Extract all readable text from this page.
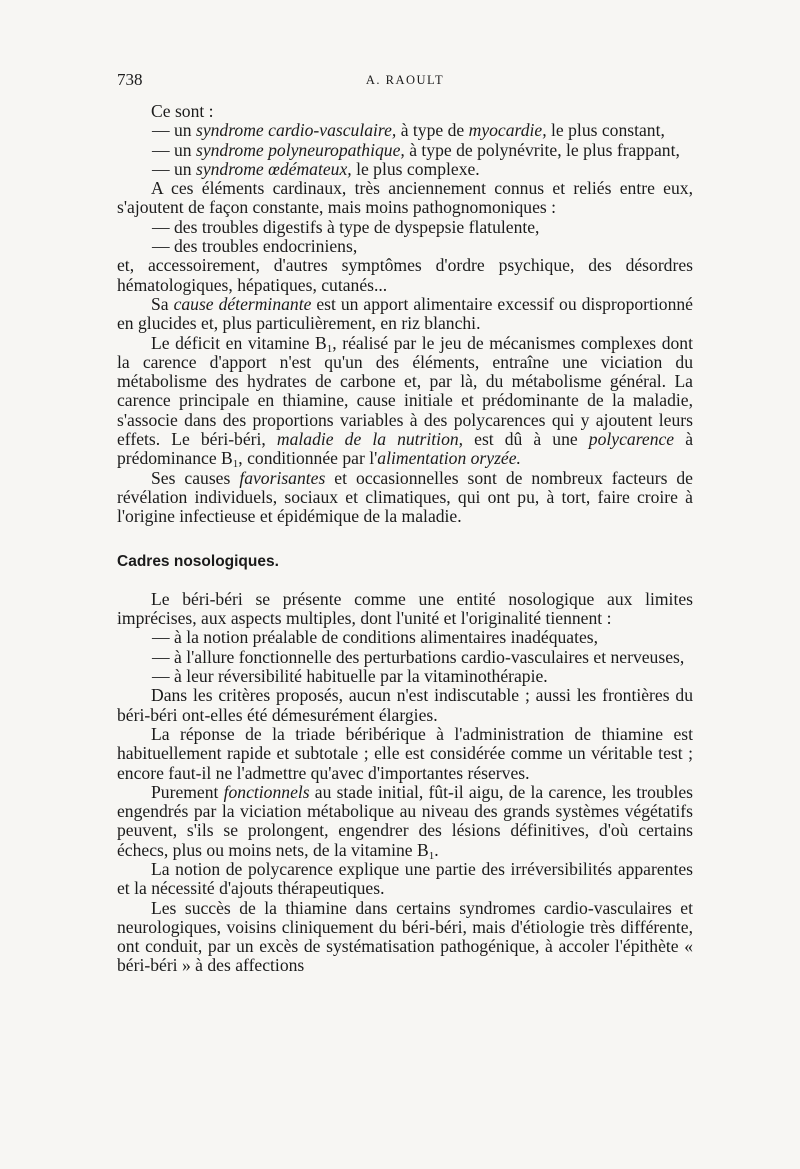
738	A. RAOULT

Ce sont :

— un syndrome cardio-vasculaire, à type de myocardie, le plus constant,

— un syndrome polyneuropathique, à type de polynévrite, le plus frappant,

— un syndrome œdémateux, le plus complexe.

A ces éléments cardinaux, très anciennement connus et reliés entre eux, s'ajoutent de façon constante, mais moins pathognomoniques :

— des troubles digestifs à type de dyspepsie flatulente,

— des troubles endocriniens,

et, accessoirement, d'autres symptômes d'ordre psychique, des désordres hématologiques, hépatiques, cutanés...

Sa cause déterminante est un apport alimentaire excessif ou disproportionné en glucides et, plus particulièrement, en riz blanchi.

Le déficit en vitamine $B_1$, réalisé par le jeu de mécanismes complexes dont la carence d'apport n'est qu'un des éléments, entraîne une viciation du métabolisme des hydrates de carbone et, par là, du métabolisme général. La carence principale en thiamine, cause initiale et prédominante de la maladie, s'associe dans des proportions variables à des polycarences qui y ajoutent leurs effets. Le béri-béri, maladie de la nutrition, est dû à une polycarence à prédominance $B_1$, conditionnée par l'alimentation oryzée.

Ses causes favorisantes et occasionnelles sont de nombreux facteurs de révélation individuels, sociaux et climatiques, qui ont pu, à tort, faire croire à l'origine infectieuse et épidémique de la maladie.

Cadres nosologiques.

Le béri-béri se présente comme une entité nosologique aux limites imprécises, aux aspects multiples, dont l'unité et l'originalité tiennent :

— à la notion préalable de conditions alimentaires inadéquates,

— à l'allure fonctionnelle des perturbations cardio-vasculaires et nerveuses,

— à leur réversibilité habituelle par la vitaminothérapie.

Dans les critères proposés, aucun n'est indiscutable ; aussi les frontières du béri-béri ont-elles été démesurément élargies.

La réponse de la triade béribérique à l'administration de thiamine est habituellement rapide et subtotale ; elle est considérée comme un véritable test ; encore faut-il ne l'admettre qu'avec d'importantes réserves.

Purement fonctionnels au stade initial, fût-il aigu, de la carence, les troubles engendrés par la viciation métabolique au niveau des grands systèmes végétatifs peuvent, s'ils se prolongent, engendrer des lésions définitives, d'où certains échecs, plus ou moins nets, de la vitamine $B_1$.

La notion de polycarence explique une partie des irréversibilités apparentes et la nécessité d'ajouts thérapeutiques.

Les succès de la thiamine dans certains syndromes cardio-vasculaires et neurologiques, voisins cliniquement du béri-béri, mais d'étiologie très différente, ont conduit, par un excès de systématisation pathogénique, à accoler l'épithète « béri-béri » à des affections
